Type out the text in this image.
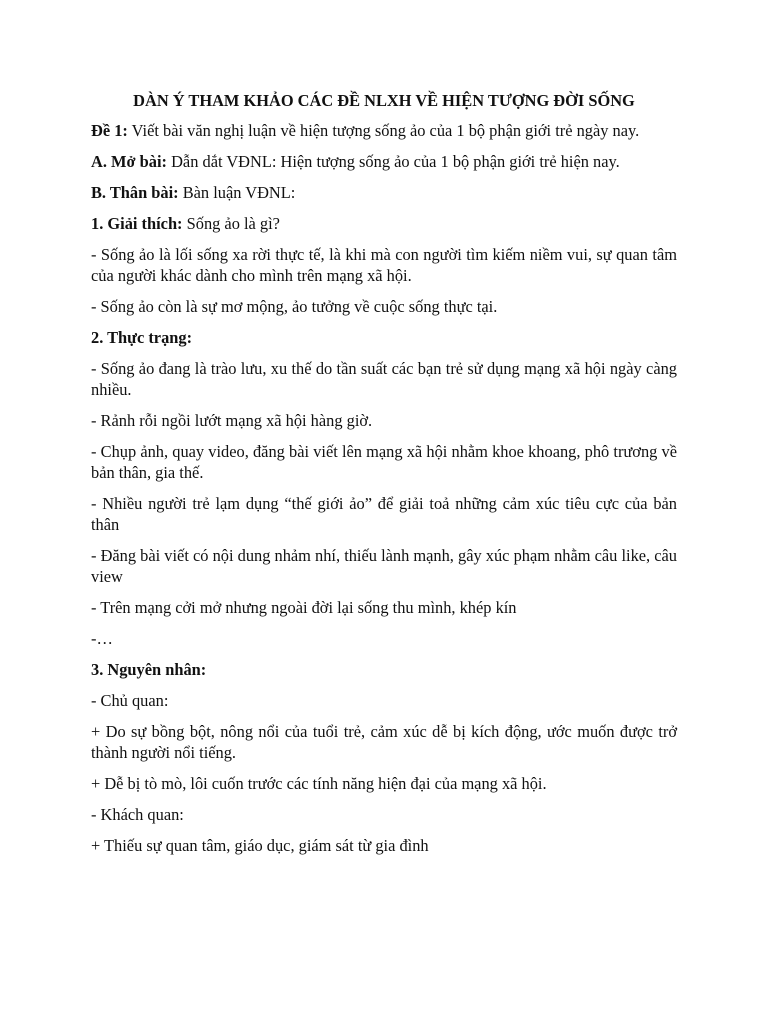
DÀN Ý THAM KHẢO CÁC ĐỀ NLXH VỀ HIỆN TƯỢNG ĐỜI SỐNG

Đề 1: Viết bài văn nghị luận về hiện tượng sống ảo của 1 bộ phận giới trẻ ngày nay.

A. Mở bài: Dẫn dắt VĐNL: Hiện tượng sống ảo của 1 bộ phận giới trẻ hiện nay.

B. Thân bài: Bàn luận VĐNL:

1. Giải thích: Sống ảo là gì?

- Sống ảo là lối sống xa rời thực tế, là khi mà con người tìm kiếm niềm vui, sự quan tâm của người khác dành cho mình trên mạng xã hội.

- Sống ảo còn là sự mơ mộng, ảo tưởng về cuộc sống thực tại.

2. Thực trạng:

- Sống ảo đang là trào lưu, xu thế do tần suất các bạn trẻ sử dụng mạng xã hội ngày càng nhiều.

- Rảnh rỗi ngồi lướt mạng xã hội hàng giờ.

- Chụp ảnh, quay video, đăng bài viết lên mạng xã hội nhằm khoe khoang, phô trương về bản thân, gia thế.

- Nhiều người trẻ lạm dụng “thế giới ảo” để giải toả những cảm xúc tiêu cực của bản thân

- Đăng bài viết có nội dung nhảm nhí, thiếu lành mạnh, gây xúc phạm nhằm câu like, câu view

- Trên mạng cởi mở nhưng ngoài đời lại sống thu mình, khép kín

-…

3. Nguyên nhân:

- Chủ quan:

+ Do sự bồng bột, nông nổi của tuổi trẻ, cảm xúc dễ bị kích động, ước muốn được trở thành người nổi tiếng.

+ Dễ bị tò mò, lôi cuốn trước các tính năng hiện đại của mạng xã hội.

- Khách quan:

+ Thiếu sự quan tâm, giáo dục, giám sát từ gia đình
